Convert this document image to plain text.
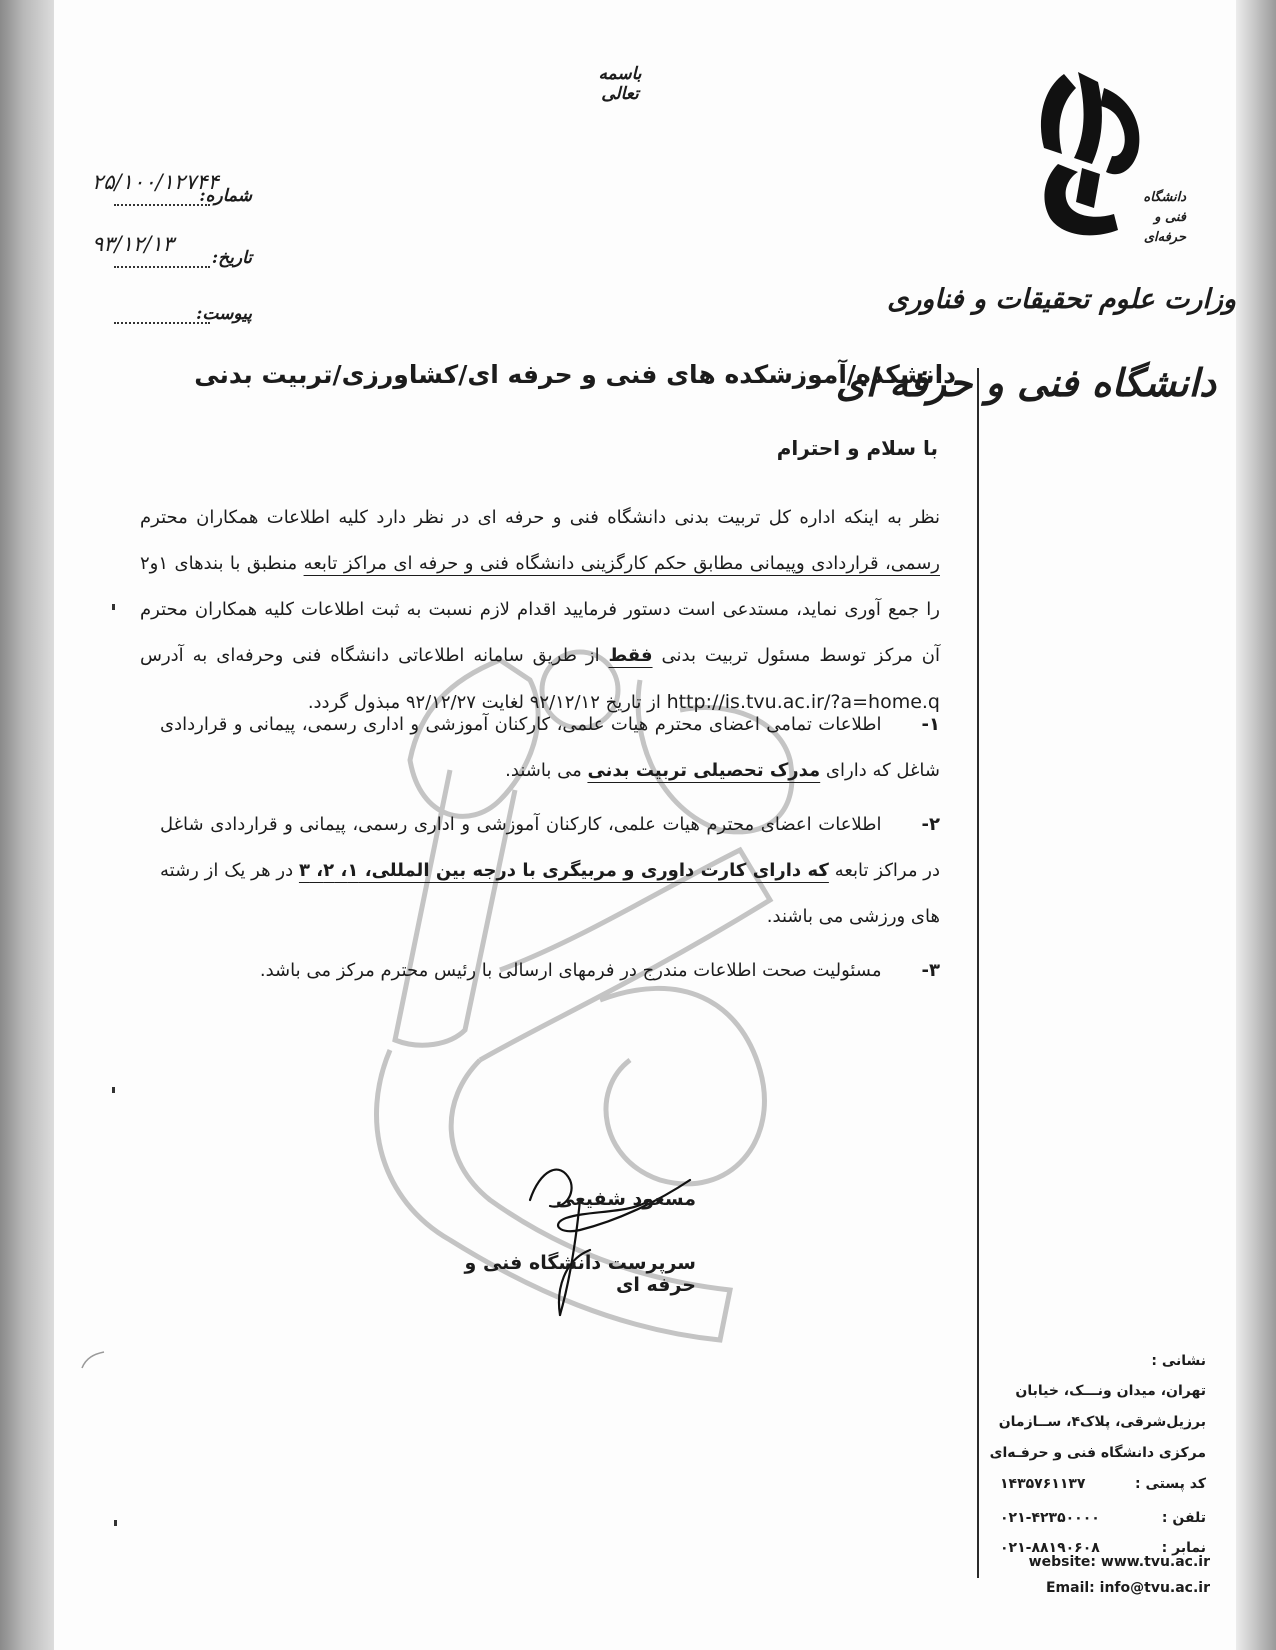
باسمه تعالی
شماره:
۲۵/۱۰۰/۱۲۷۴۴
تاریخ:
۹۳/۱۲/۱۳
پیوست:
دانشگاه
فنی و حرفه‌ای
وزارت علوم تحقیقات و فناوری
دانشگاه فنی و حرفه ای
دانشکده/آموزشکده های فنی و حرفه ای/کشاورزی/تربیت بدنی
با سلام و احترام
نظر به اینکه اداره کل تربیت بدنی دانشگاه فنی و حرفه ای در نظر دارد کلیه اطلاعات همکاران محترم رسمی، قراردادی وپیمانی مطابق حکم کارگزینی دانشگاه فنی و حرفه ای مراکز تابعه منطبق با بندهای ۱و۲ را جمع آوری نماید، مستدعی است دستور فرمایید اقدام لازم نسبت به ثبت اطلاعات کلیه همکاران محترم آن مرکز توسط مسئول تربیت بدنی فقط از طریق سامانه اطلاعاتی دانشگاه فنی وحرفه‌ای به آدرس http://is.tvu.ac.ir/?a=home.q از تاریخ ۹۲/۱۲/۱۲ لغایت ۹۲/۱۲/۲۷ مبذول گردد.
۱-اطلاعات تمامی اعضای محترم هیات علمی، کارکنان آموزشی و اداری رسمی، پیمانی و قراردادی شاغل که دارای مدرک تحصیلی تربیت بدنی می باشند.
۲-اطلاعات اعضای محترم هیات علمی، کارکنان آموزشی و اداری رسمی، پیمانی و قراردادی شاغل در مراکز تابعه که دارای کارت داوری و مربیگری با درجه بین المللی، ۱، ۲، ۳ در هر یک از رشته های ورزشی می باشند.
۳-مسئولیت صحت اطلاعات مندرج در فرمهای ارسالی با رئیس محترم مرکز می باشد.
مسعود شفیعی
سرپرست دانشگاه فنی و حرفه ای
نشانی :
تهران، میدان ونـــک، خیابان
برزیل‌شرقی، پلاک۴، ســازمان
مرکزی دانشگاه فنی و حرفـه‌ای
کد پستی :
۱۴۳۵۷۶۱۱۳۷
تلفن :
۰۲۱-۴۲۳۵۰۰۰۰
نمابر :
۰۲۱-۸۸۱۹۰۶۰۸
website: www.tvu.ac.ir
Email: info@tvu.ac.ir
